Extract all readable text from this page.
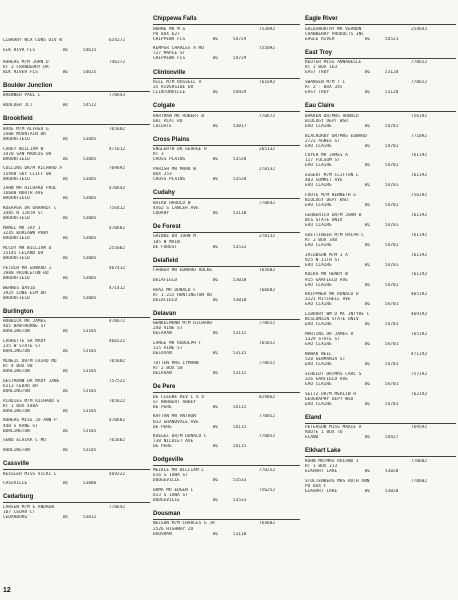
LIBRARY WCA CONS DIV W	654272
ELK HIVR FLS	54615
WI
ROHERS M/M JOHN D	746272
RT 3 CRANBERRY DR
BLK RIVER FLS	54615
WI
Boulder Junction
BRENNER PAUL L	770643
BOULDER JCT	54512
WI
Brookfield
BAUE M/M ALFRED G	765682
3400 MOUNTAIN DR
BROOKFIELD	53005
WI
CAREY WILLIAM W	471612
3470 SAN MARCOS DR
BROOKFIELD	53005
WI
COLLINS DR/M RICHARD A	769692
15990 SKY CLIFF DR
BROOKFIELD	53005
WI
JAHN MR RICHARD PAUL	470642
16680 NORTH AVE
BROOKFIELD	53005
WI
KOERPER DR URHARDT C	756412
3485 N 128TH ST
BROOKFIELD	53005
WI
MAMEL MR JAY J	470682
3245 BURLAWN PKWY
BROOKFIELD	53005
WI
MCCOY MR WILLIAM D	255682
15145 LELAND DR
BROOKFIELD	53005
WI
PETUCH MR EDWARD J	467412
2900 PRINCETON RD
BROOKFIELD	53005
WI
WEHNES DAVID	471412
3925 LONE ELM DR
BROOKFIELD	53005
WI
Burlington
HOBBICK MR JAMES	470672
465 HAWTHORNE ST
BURLINGTON	53105
WI
LAURETTE SR MARY	466522
235 W STATE ST
BURLINGTON	53105
WI
MCNEIL DR/M LAIRD MD	765682
RT 4 BOX 90
BURLINGTON	53105
WI
OESTMANN DR MARY JANE	757522
6113 CEDAR DR
BURLINGTON	53105
WI
PLADIES M/M RICHARD G	765622
RT 1 BOX 440A
BURLINGTON	53105
WI
ROHERS MISS JO ANN P	470682
440 S KANE ST
BURLINGTON	53105
WI
SENU ELVIRA C MU	765682
BURLINGTON	53105
WI
Cassville
KESSLER MISS VICKI L	469222
CASSVILLE	53806
WI
Cedarburg
LARSEN M/M G ANDREW	770642
107 CEDAR CT
CEDARBURG	53012
WI
Chippewa Falls
HORNE MR M G	753092
PO BOX 627
CHIPPEWA FLS	54729
WI
KEMPER CHARLES A MD	755092
727 MAPLE ST
CHIPPEWA FLS	54729
WI
Clintonville
RILL M/M RUSSELL A	761692
35 RIVERSIDE DR
CLINTONVILLE	54929
WI
Colgate
HARTMAN MR ROBERT B	770672
601 PLAT RD
COLGATE	53017
WI
Cross Plains
ENGLERTH DR GEORGE H	265132
RT 3
CROSS PLAINS	53528
WI
PARISH MR MARK W	270132
BOX 253
CROSS PLAINS	53528
WI
Cudahy
BAIRD HAROLD W	770642
4462 S LAWLER AVE
CUDAHY	53110
WI
De Forest
GRINDE DR JOHN M	270132
105 N MAIN
DE FOREST	53532
WI
Delafield
FARBER MR EDWARD ROLKE	765682
DELAFIELD	53018
WI
HAAZ MR DONALD F	766682
RT 1 222 HUNTINGTON RD
DELAFIELD	53018
WI
Delavan
HENKELMANN M/M RICHARD	770652
240 VINE ST
DELAVAN	53115
WI
LANGE MR RUDOLPH F	765652
115 VINE ST
DELAVAN	53115
WI
TOTTEN MRS LYMANN	770652
RT 2 BOX 50
DELAVAN	53115
WI
De Pere
DE CLEENE REV L A V	829062
ST NORBERT ABBEY
DE PERE	54115
WI
KAFTAN MR ANTHON	770052
833 GRANDVALE AVE
DE PERE	54115
WI
KUEGEL DR/M DONALD C	770052
730 NICOLET AVE
DE PERE	54115
WI
Dodgeville
MEIKLE MR WILLIAM L	770252
616 S IOWA ST
DODGEVILLE	53533
WI
ORMA MR EDGEN L	756252
613 S IOWA ST
DODGEVILLE	53533
WI
Dousman
NELSON M/M CHARLES G JR	764682
2526 HIGHWAY 2O
DOUSMAN	53118
WI
Eagle River
GOLDSWORTHY MR VERNON	254643
CRANBERRY PRODUCTS INC
EAGLE RIVER	54521
WI
East Troy
REUTER MISS ANNABELLE	770652
RT 2 BOX 163
EAST TROY	53120
WI
SWANSEN M/M T L	770652
RT 2 - BOX 345
EAST TROY	53120
WI
Eau Claire
BAKKEN DR/MRS ARNOLD	756192
BIOLOGY DEPT WSU
EAU CLAIRE	54701
WI
BLACKORBY DR/MRS EDWARD	771092
2723 AGNES ST
EAU CLAIRE	54701
WI
COYER MR JAMES A	761192
117 FOLSOM ST
EAU CLAIRE	54701
WI
EGGERT M/M CLIFTON L	761192
403 SUMMIT AVE
EAU CLAIRE	54701
WI
FOOTE M/M KENNETH G	756192
BIOLOGY DEPT WSU
EAU CLAIRE	54701
WI
GERBERICH DR/M JOHN B	761192
WIS STATE UNIV
EAU CLAIRE	54701
WI
GUETTINGER M/M RALPH C	761192
RT 2 BOX 340
EAU CLAIRE	54701
WI
JACOBSON M/M J A	761192
925 N 11TH ST
EAU CLAIRE	54701
WI
KOLKA MR HENRY W	761192
915 GARFIELD AVE
EAU CLAIRE	54701
WI
KRIPPNER MR RONALD D	465192
3121 MITCHELL AVE
EAU CLAIRE	54701
WI
LIBRARY WM D MC INTYRE C	469192
WISCONSIN STATE UNIV
EAU CLAIRE	54701
WI
MARTINS DR JAMES R	765192
1329 STATE ST
EAU CLAIRE	54701
WI
NOWAK NEIL	471192
528 GERMANIA ST
EAU CLAIRE	54701
WI
SCHELDT DR/MRS CARL S	757192
326 GARFIELD AVE
EAU CLAIRE	54701
WI
SEITZ DR/M MERLIN H	762192
GEOGRAPHY DEPT WSU
EAU CLAIRE	54701
WI
Eland
PETERSON MISS MARIE A	769592
ROUTE 1 BOX 76
ELAND	54427
WI
Elkhart Lake
KUHN MR/MRS ROLAND J	770602
RT 1 BOX 213
ELKHART LAKE	53020
WI
STOLTENBERG MRS RUTH ANN	770602
PO BOX F
ELKHART LAKE	53020
WI
12
